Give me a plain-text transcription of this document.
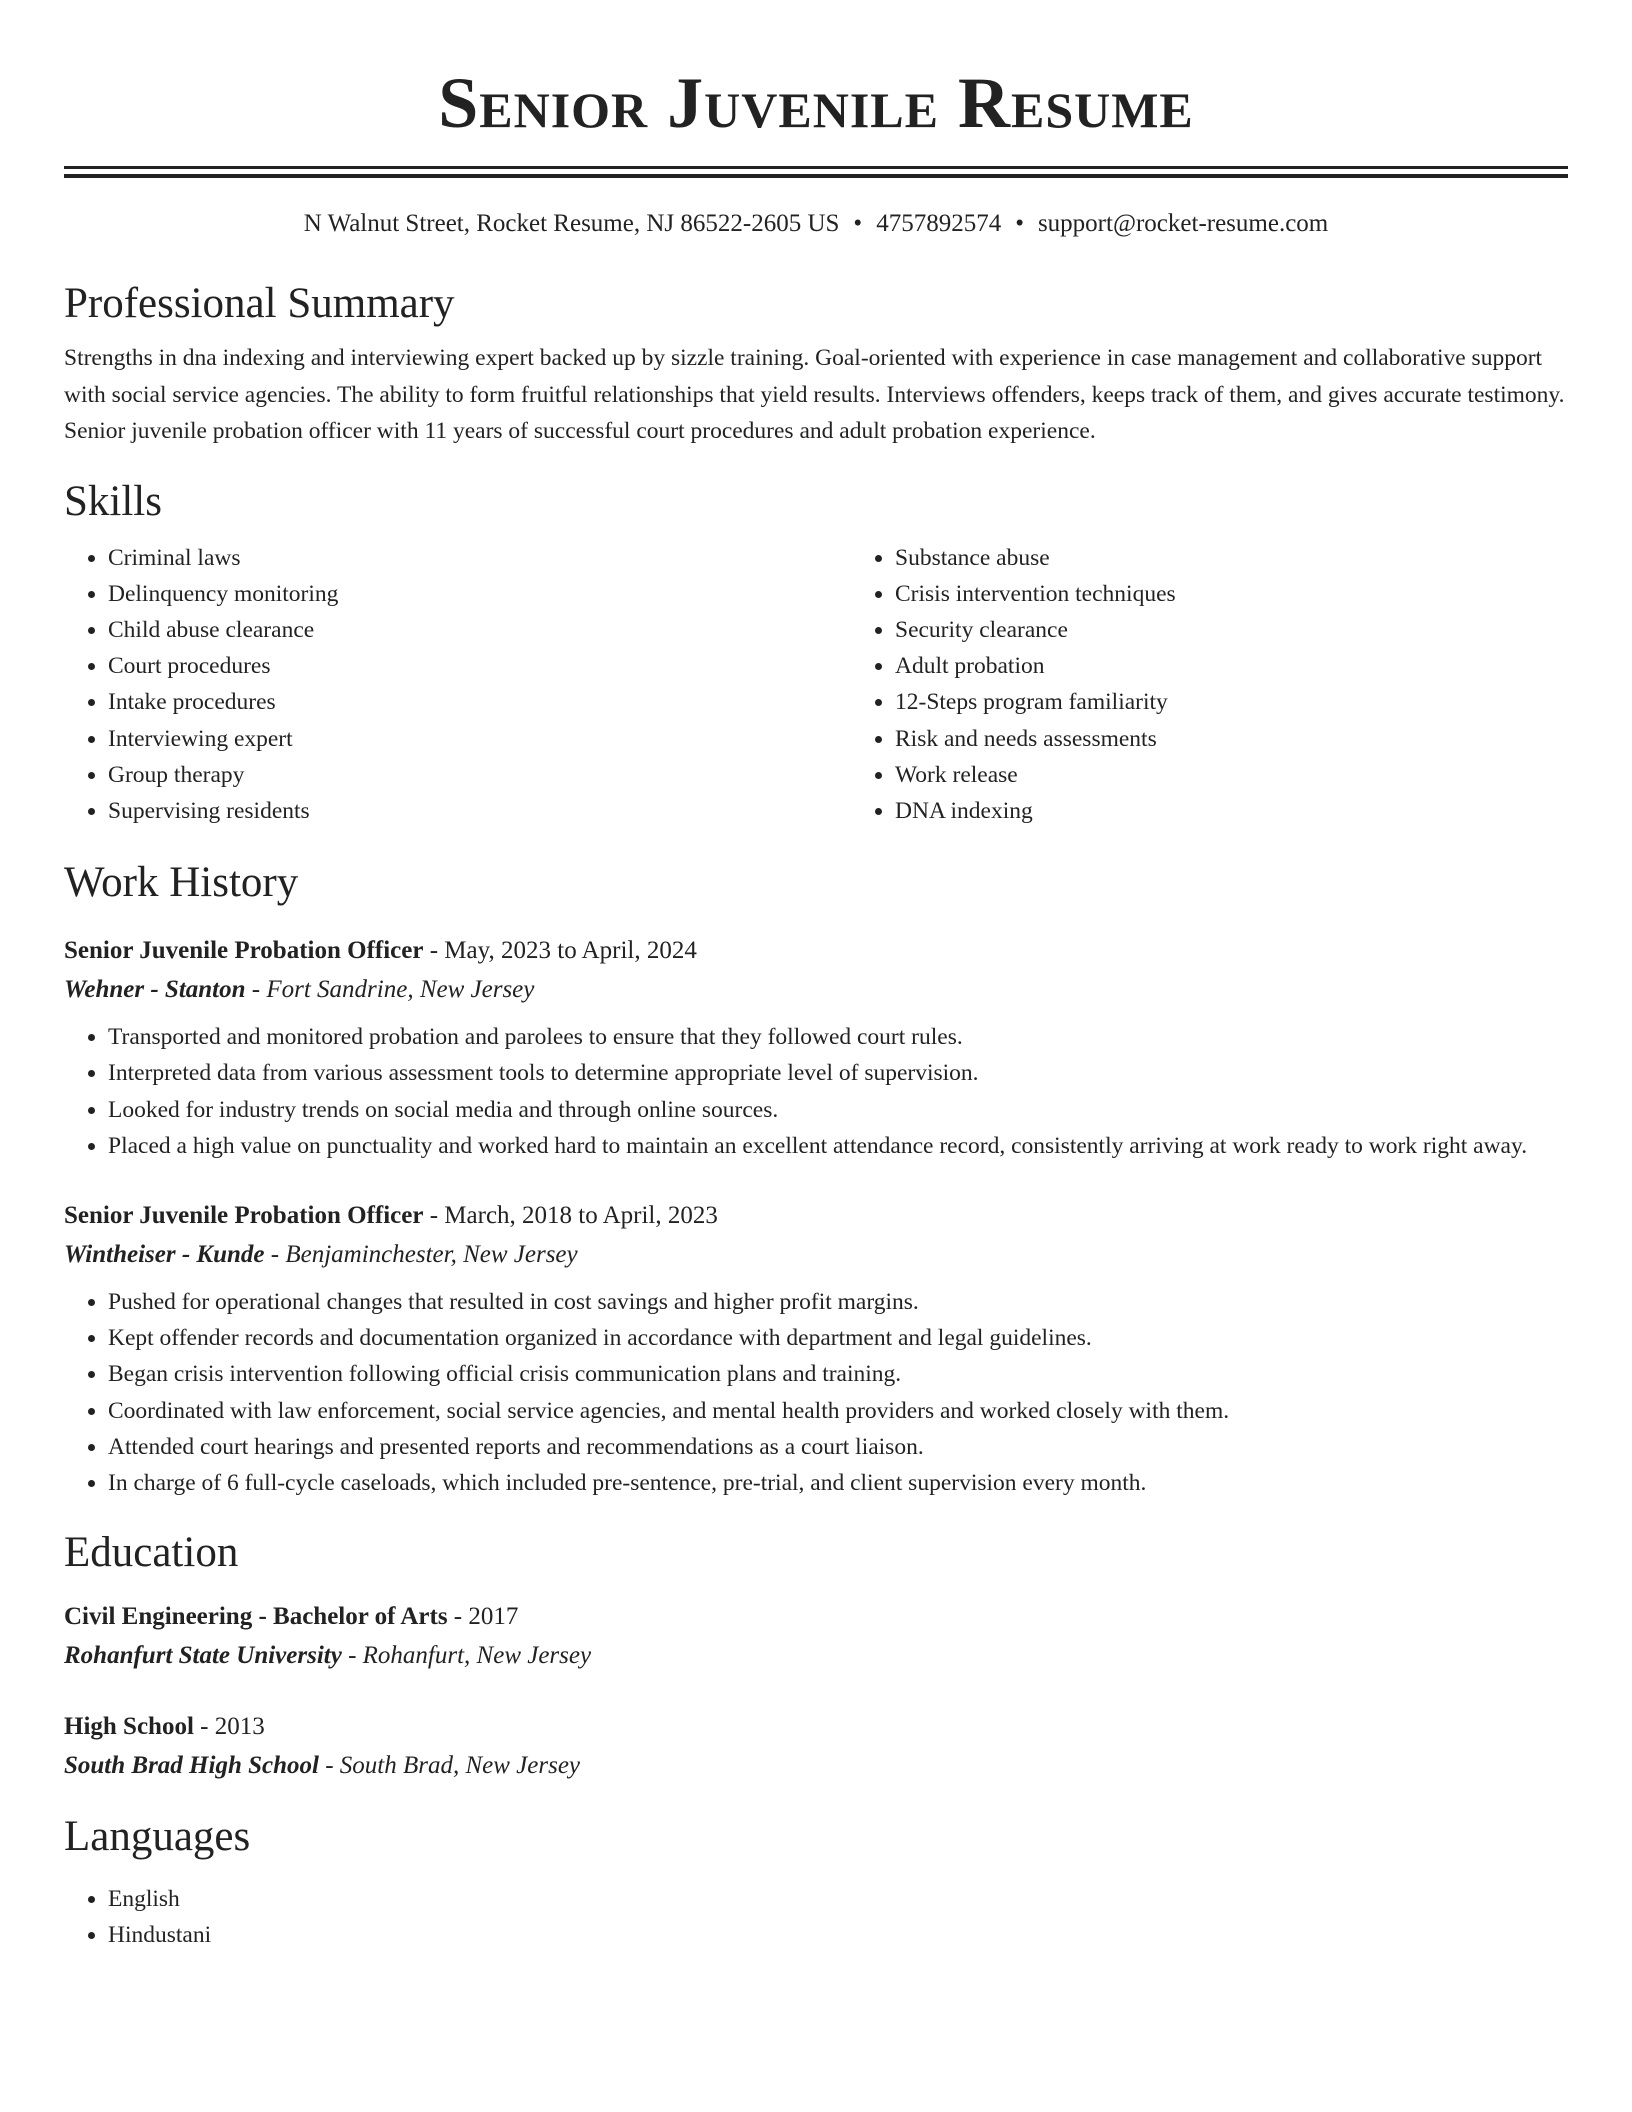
Senior Juvenile Resume
N Walnut Street, Rocket Resume, NJ 86522-2605 US • 4757892574 • support@rocket-resume.com
Professional Summary

Strengths in dna indexing and interviewing expert backed up by sizzle training. Goal-oriented with experience in case management and collaborative support with social service agencies. The ability to form fruitful relationships that yield results. Interviews offenders, keeps track of them, and gives accurate testimony. Senior juvenile probation officer with 11 years of successful court procedures and adult probation experience.

Skills
• Criminal laws
• Delinquency monitoring
• Child abuse clearance
• Court procedures
• Intake procedures
• Interviewing expert
• Group therapy
• Supervising residents
• Substance abuse
• Crisis intervention techniques
• Security clearance
• Adult probation
• 12-Steps program familiarity
• Risk and needs assessments
• Work release
• DNA indexing
Work History
Senior Juvenile Probation Officer - May, 2023 to April, 2024
Wehner - Stanton - Fort Sandrine, New Jersey
• Transported and monitored probation and parolees to ensure that they followed court rules.
• Interpreted data from various assessment tools to determine appropriate level of supervision.
• Looked for industry trends on social media and through online sources.
• Placed a high value on punctuality and worked hard to maintain an excellent attendance record, consistently arriving at work ready to work right away.
Senior Juvenile Probation Officer - March, 2018 to April, 2023
Wintheiser - Kunde - Benjaminchester, New Jersey
• Pushed for operational changes that resulted in cost savings and higher profit margins.
• Kept offender records and documentation organized in accordance with department and legal guidelines.
• Began crisis intervention following official crisis communication plans and training.
• Coordinated with law enforcement, social service agencies, and mental health providers and worked closely with them.
• Attended court hearings and presented reports and recommendations as a court liaison.
• In charge of 6 full-cycle caseloads, which included pre-sentence, pre-trial, and client supervision every month.
Education
Civil Engineering - Bachelor of Arts - 2017
Rohanfurt State University - Rohanfurt, New Jersey
High School - 2013
South Brad High School - South Brad, New Jersey
Languages
• English
• Hindustani
